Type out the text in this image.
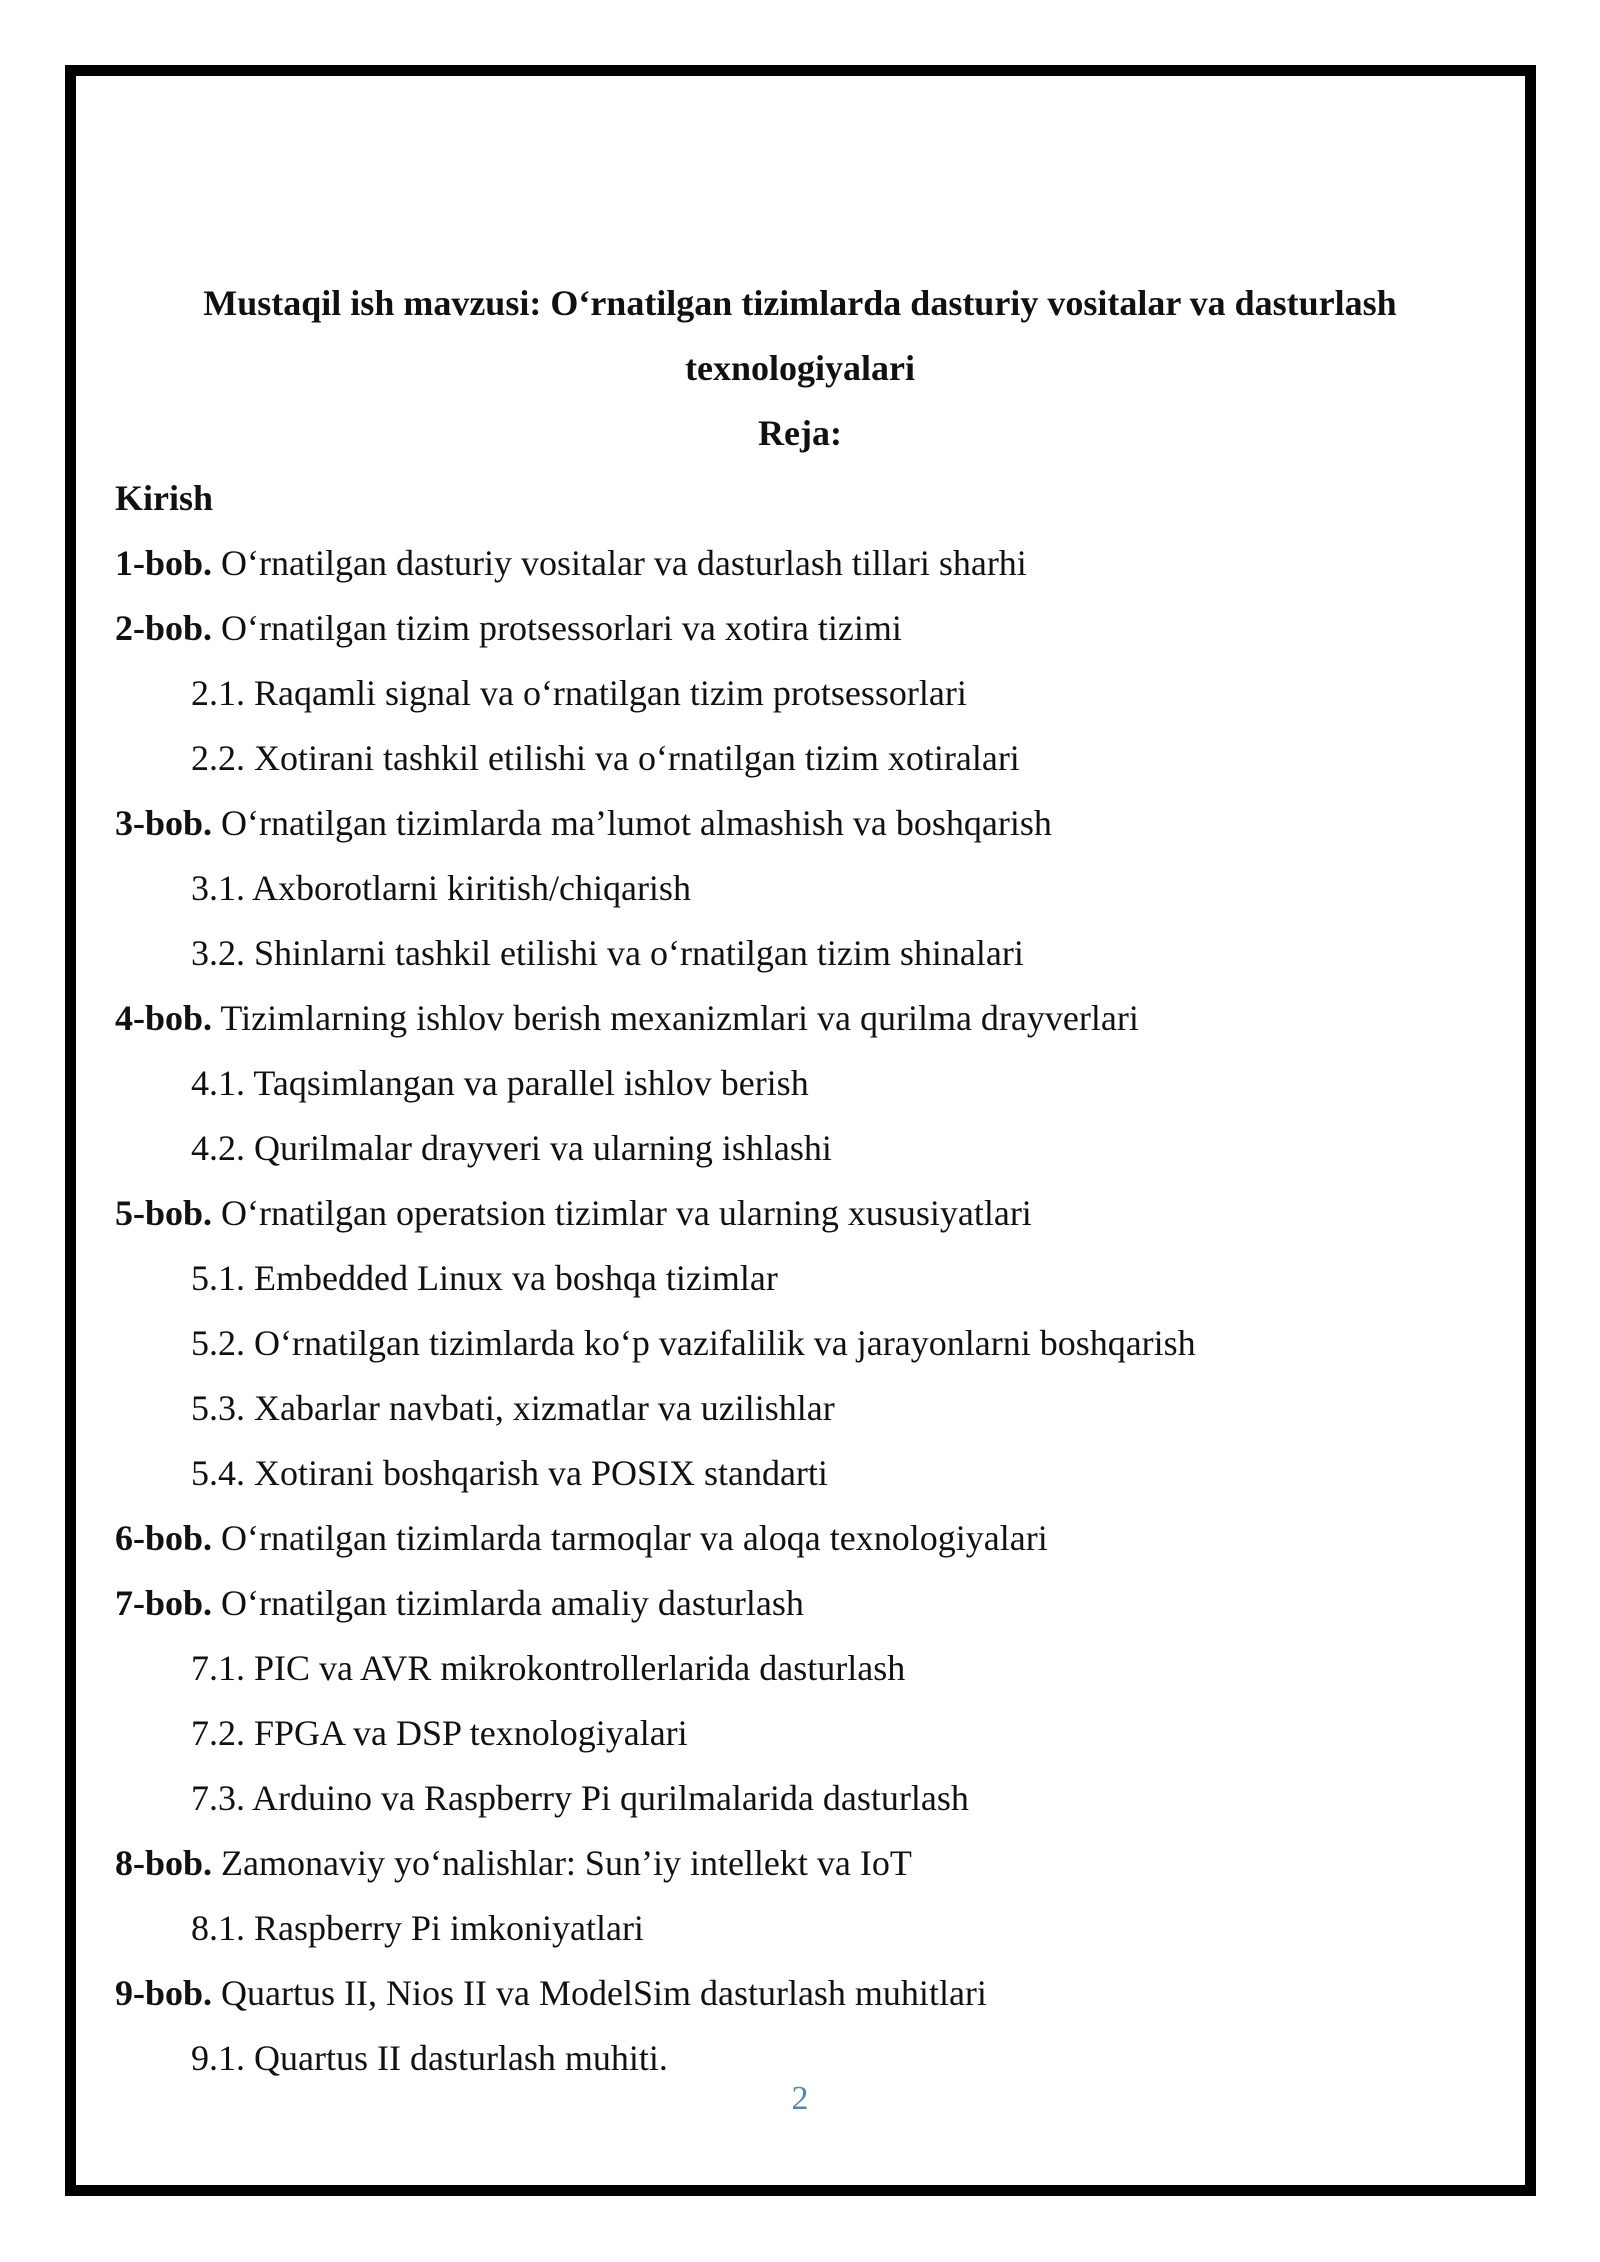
Mustaqil ish mavzusi: O‘rnatilgan tizimlarda dasturiy vositalar va dasturlash texnologiyalari
Reja:
Kirish
1-bob. O‘rnatilgan dasturiy vositalar va dasturlash tillari sharhi
2-bob. O‘rnatilgan tizim protsessorlari va xotira tizimi
2.1. Raqamli signal va o‘rnatilgan tizim protsessorlari
2.2. Xotirani tashkil etilishi va o‘rnatilgan tizim xotiralari
3-bob. O‘rnatilgan tizimlarda ma’lumot almashish va boshqarish
3.1. Axborotlarni kiritish/chiqarish
3.2. Shinlarni tashkil etilishi va o‘rnatilgan tizim shinalari
4-bob. Tizimlarning ishlov berish mexanizmlari va qurilma drayverlari
4.1. Taqsimlangan va parallel ishlov berish
4.2. Qurilmalar drayveri va ularning ishlashi
5-bob. O‘rnatilgan operatsion tizimlar va ularning xususiyatlari
5.1. Embedded Linux va boshqa tizimlar
5.2. O‘rnatilgan tizimlarda ko‘p vazifalilik va jarayonlarni boshqarish
5.3. Xabarlar navbati, xizmatlar va uzilishlar
5.4. Xotirani boshqarish va POSIX standarti
6-bob. O‘rnatilgan tizimlarda tarmoqlar va aloqa texnologiyalari
7-bob. O‘rnatilgan tizimlarda amaliy dasturlash
7.1. PIC va AVR mikrokontrollerlarida dasturlash
7.2. FPGA va DSP texnologiyalari
7.3. Arduino va Raspberry Pi qurilmalarida dasturlash
8-bob. Zamonaviy yo‘nalishlar: Sun’iy intellekt va IoT
8.1. Raspberry Pi imkoniyatlari
9-bob. Quartus II, Nios II va ModelSim dasturlash muhitlari
9.1. Quartus II dasturlash muhiti.
2
